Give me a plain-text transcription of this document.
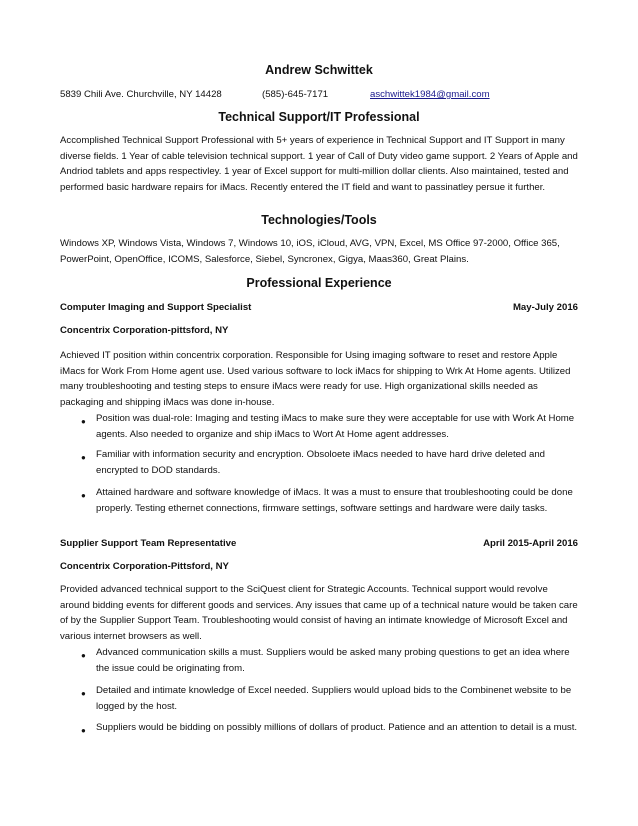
Andrew Schwittek
5839 Chili Ave. Churchville, NY 14428	(585)-645-7171	aschwittek1984@gmail.com
Technical Support/IT Professional
Accomplished Technical Support Professional with 5+ years of experience in Technical Support and IT Support in many diverse fields. 1 Year of cable television technical support. 1 year of Call of Duty video game support. 2 Years of Apple and Andriod tablets and apps respectivley. 1 year of Excel support for multi-million dollar clients. Also maintained, tested and performed basic hardware repairs for iMacs. Recently entered the IT field and want to passinatley persue it further.
Technologies/Tools
Windows XP, Windows Vista, Windows 7, Windows 10, iOS, iCloud, AVG, VPN, Excel, MS Office 97-2000, Office 365, PowerPoint, OpenOffice, ICOMS, Salesforce, Siebel, Syncronex, Gigya, Maas360, Great Plains.
Professional Experience
Computer Imaging and Support Specialist	May-July 2016
Concentrix Corporation-pittsford, NY
Achieved IT position within concentrix corporation. Responsible for Using imaging software to reset and restore Apple iMacs for Work From Home agent use. Used various software to lock iMacs for shipping to Wrk At Home agents. Utilized many troubleshooting and testing steps to ensure iMacs were ready for use. High organizational skills needed as packaging and shipping iMacs was done in-house.
● Position was dual-role: Imaging and testing iMacs to make sure they were acceptable for use with Work At Home agents. Also needed to organize and ship iMacs to Wort At Home agent addresses.
● Familiar with information security and encryption. Obsoloete iMacs needed to have hard drive deleted and encrypted to DOD standards.
● Attained hardware and software knowledge of iMacs. It was a must to ensure that troubleshooting could be done properly. Testing ethernet connections, firmware settings, software settings and hardware were daily tasks.
Supplier Support Team Representative	April 2015-April 2016
Concentrix Corporation-Pittsford, NY
Provided advanced technical support to the SciQuest client for Strategic Accounts. Technical support would revolve around bidding events for different goods and services. Any issues that came up of a technical nature would be taken care of by the Supplier Support Team. Troubleshooting would consist of having an intimate knowledge of Microsoft Excel and various internet browsers as well.
● Advanced communication skills a must. Suppliers would be asked many probing questions to get an idea where the issue could be originating from.
● Detailed and intimate knowledge of Excel needed. Suppliers would upload bids to the Combinenet website to be logged by the host.
● Suppliers would be bidding on possibly millions of dollars of product. Patience and an attention to detail is a must.
